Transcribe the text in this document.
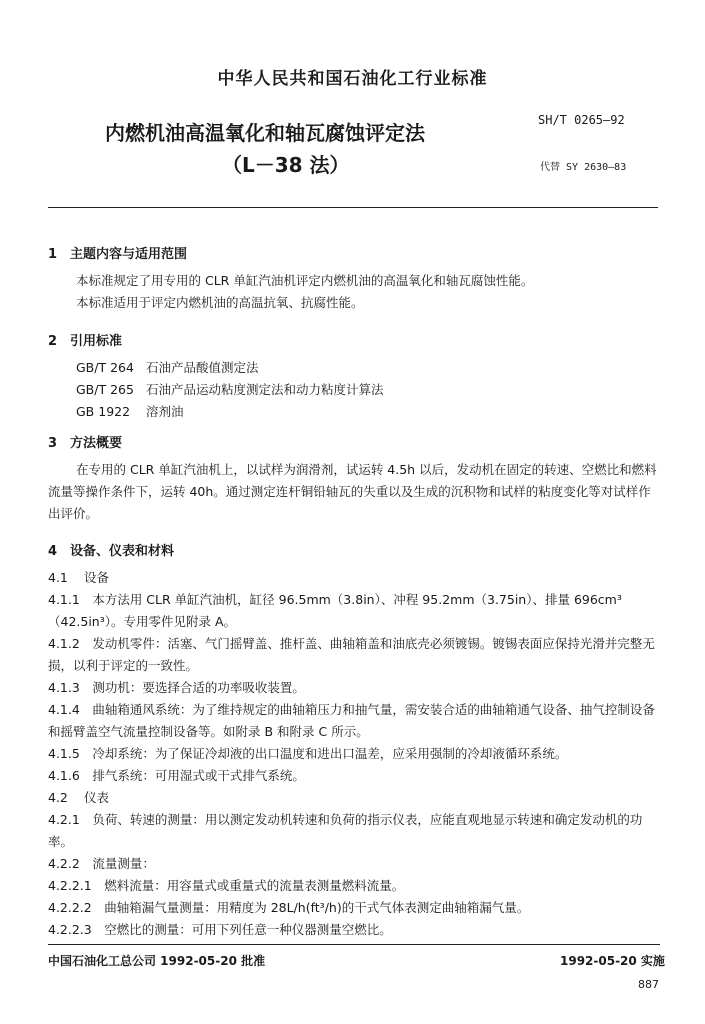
中华人民共和国石油化工行业标准
内燃机油高温氧化和轴瓦腐蚀评定法
（L－38 法）
SH/T 0265—92
代替 SY 2630—83
1　主题内容与适用范围
本标准规定了用专用的 CLR 单缸汽油机评定内燃机油的高温氧化和轴瓦腐蚀性能。
本标准适用于评定内燃机油的高温抗氧、抗腐性能。
2　引用标准
GB/T 264 石油产品酸值测定法
GB/T 265 石油产品运动粘度测定法和动力粘度计算法
GB 1922 溶剂油
3　方法概要
在专用的 CLR 单缸汽油机上，以试样为润滑剂，试运转 4.5h 以后，发动机在固定的转速、空燃比和燃料流量等操作条件下，运转 40h。通过测定连杆铜铅轴瓦的失重以及生成的沉积物和试样的粘度变化等对试样作出评价。
4　设备、仪表和材料
4.1 设备
4.1.1　 本方法用 CLR 单缸汽油机，缸径 96.5mm（3.8in）、冲程 95.2mm（3.75in）、排量 696cm³（42.5in³）。专用零件见附录 A。
4.1.2　 发动机零件：活塞、气门摇臂盖、推杆盖、曲轴箱盖和油底壳必须镀锡。镀锡表面应保持光滑并完整无损，以利于评定的一致性。
4.1.3　 测功机：要选择合适的功率吸收装置。
4.1.4　 曲轴箱通风系统：为了维持规定的曲轴箱压力和抽气量，需安装合适的曲轴箱通气设备、抽气控制设备和摇臂盖空气流量控制设备等。如附录 B 和附录 C 所示。
4.1.5　 冷却系统：为了保证冷却液的出口温度和进出口温差，应采用强制的冷却液循环系统。
4.1.6　 排气系统：可用湿式或干式排气系统。
4.2 仪表
4.2.1　 负荷、转速的测量：用以测定发动机转速和负荷的指示仪表，应能直观地显示转速和确定发动机的功率。
4.2.2　 流量测量：
4.2.2.1　 燃料流量：用容量式或重量式的流量表测量燃料流量。
4.2.2.2　 曲轴箱漏气量测量：用精度为 28L/h(ft³/h)的干式气体表测定曲轴箱漏气量。
4.2.2.3　 空燃比的测量：可用下列任意一种仪器测量空燃比。
中国石油化工总公司 1992-05-20 批准	1992-05-20 实施
887
